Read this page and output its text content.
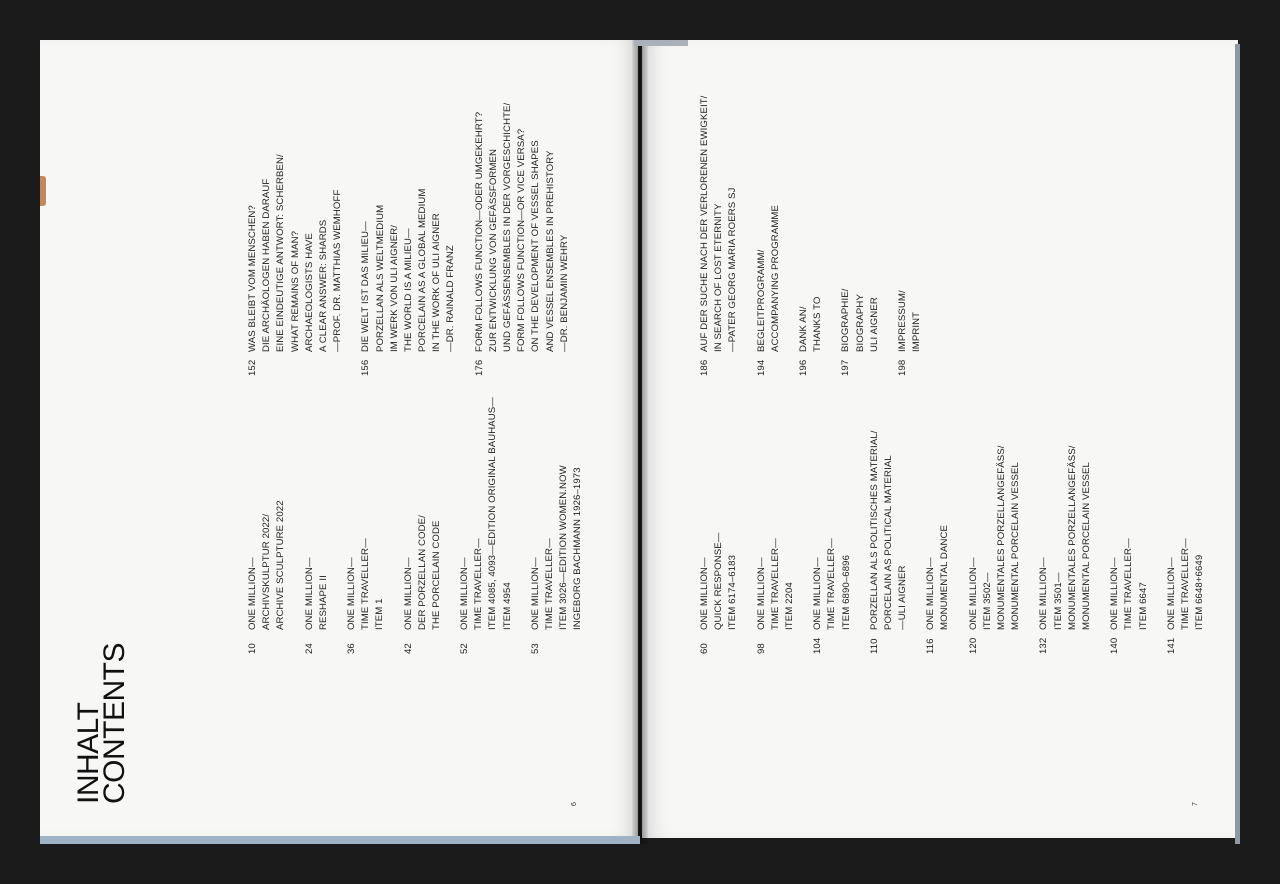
INHALT
CONTENTS
6
10
ONE MILLION— ARCHIVSKULPTUR 2022/ ARCHIVE SCULPTURE 2022
24
ONE MILLION— RESHAPE II
36
ONE MILLION— TIME TRAVELLER— ITEM 1
42
ONE MILLION— DER PORZELLAN CODE/ THE PORCELAIN CODE
52
ONE MILLION— TIME TRAVELLER— ITEM 4085, 4093—EDITION ORIGINAL BAUHAUS— ITEM 4954
53
ONE MILLION— TIME TRAVELLER— ITEM 3026—EDITION WOMEN.NOW INGEBORG BACHMANN 1926–1973
152
WAS BLEIBT VOM MENSCHEN? DIE ARCHÄOLOGEN HABEN DARAUF EINE EINDEUTIGE ANTWORT: SCHERBEN/ WHAT REMAINS OF MAN? ARCHAEOLOGISTS HAVE A CLEAR ANSWER: SHARDS —PROF. DR. MATTHIAS WEMHOFF
156
DIE WELT IST DAS MILIEU— PORZELLAN ALS WELTMEDIUM IM WERK VON ULI AIGNER/ THE WORLD IS A MILIEU— PORCELAIN AS A GLOBAL MEDIUM IN THE WORK OF ULI AIGNER —DR. RAINALD FRANZ
176
FORM FOLLOWS FUNCTION—ODER UMGEKEHRT? ZUR ENTWICKLUNG VON GEFÄSSFORMEN UND GEFÄSSENSEMBLES IN DER VORGESCHICHTE/ FORM FOLLOWS FUNCTION—OR VICE VERSA? ON THE DEVELOPMENT OF VESSEL SHAPES AND VESSEL ENSEMBLES IN PREHISTORY —DR. BENJAMIN WEHRY
7
60
ONE MILLION— QUICK RESPONSE— ITEM 6174–6183
98
ONE MILLION— TIME TRAVELLER— ITEM 2204
104
ONE MILLION— TIME TRAVELLER— ITEM 6890–6896
110
PORZELLAN ALS POLITISCHES MATERIAL/ PORCELAIN AS POLITICAL MATERIAL —ULI AIGNER
116
ONE MILLION— MONUMENTAL DANCE
120
ONE MILLION— ITEM 3502— MONUMENTALES PORZELLANGEFÄSS/ MONUMENTAL PORCELAIN VESSEL
132
ONE MILLION— ITEM 3501— MONUMENTALES PORZELLANGEFÄSS/ MONUMENTAL PORCELAIN VESSEL
140
ONE MILLION— TIME TRAVELLER— ITEM 6647
141
ONE MILLION— TIME TRAVELLER— ITEM 6648+6649
186
AUF DER SUCHE NACH DER VERLORENEN EWIGKEIT/ IN SEARCH OF LOST ETERNITY —PATER GEORG MARIA ROERS SJ
194
BEGLEITPROGRAMM/ ACCOMPANYING PROGRAMME
196
DANK AN/ THANKS TO
197
BIOGRAPHIE/ BIOGRAPHY ULI AIGNER
198
IMPRESSUM/ IMPRINT
